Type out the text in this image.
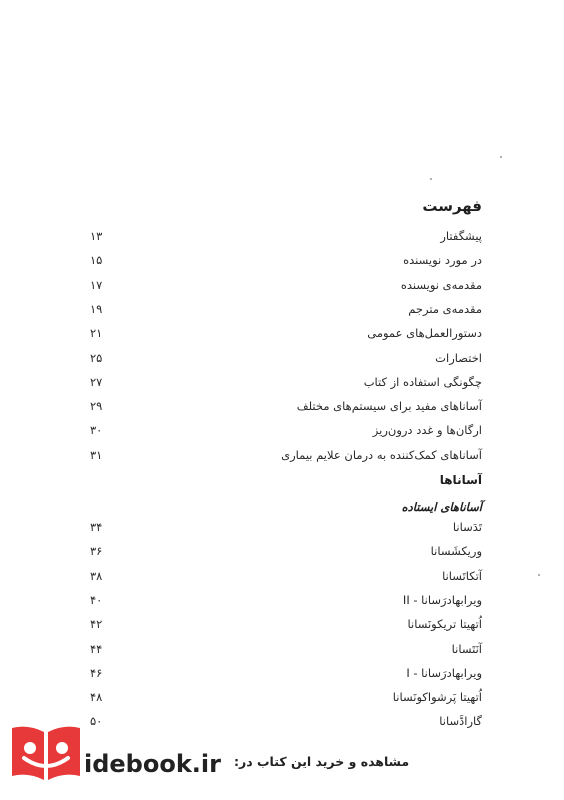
فهرست
پیشگفتار
۱۳
در مورد نویسنده
۱۵
مقدمه‌ی نویسنده
۱۷
مقدمه‌ی مترجم
۱۹
دستورالعمل‌های عمومی
۲۱
اختصارات
۲۵
چگونگی استفاده از کتاب
۲۷
آسانا‌های مفید برای سیستم‌های مختلف
۲۹
ارگان‌ها و غدد درون‌ریز
۳۰
آسانا‌های کمک‌کننده به درمان علایم بیماری
۳۱
آسانا‌ها
آسانا‌های ایستاده
تَدَ‌سانا
۳۴
وریکشَسانا
۳۶
آتکاتَسانا
۳۸
ویرابهادرَسانا - II
۴۰
اُتهیتا تریکونَسانا
۴۲
آنَتَسانا
۴۴
ویرابهادرَسانا - I
۴۶
اُتهیتا پَرشواکونَسانا
۴۸
گاراڈَسانا
۵۰
idebook.ir مشاهده و خرید این کتاب در:
